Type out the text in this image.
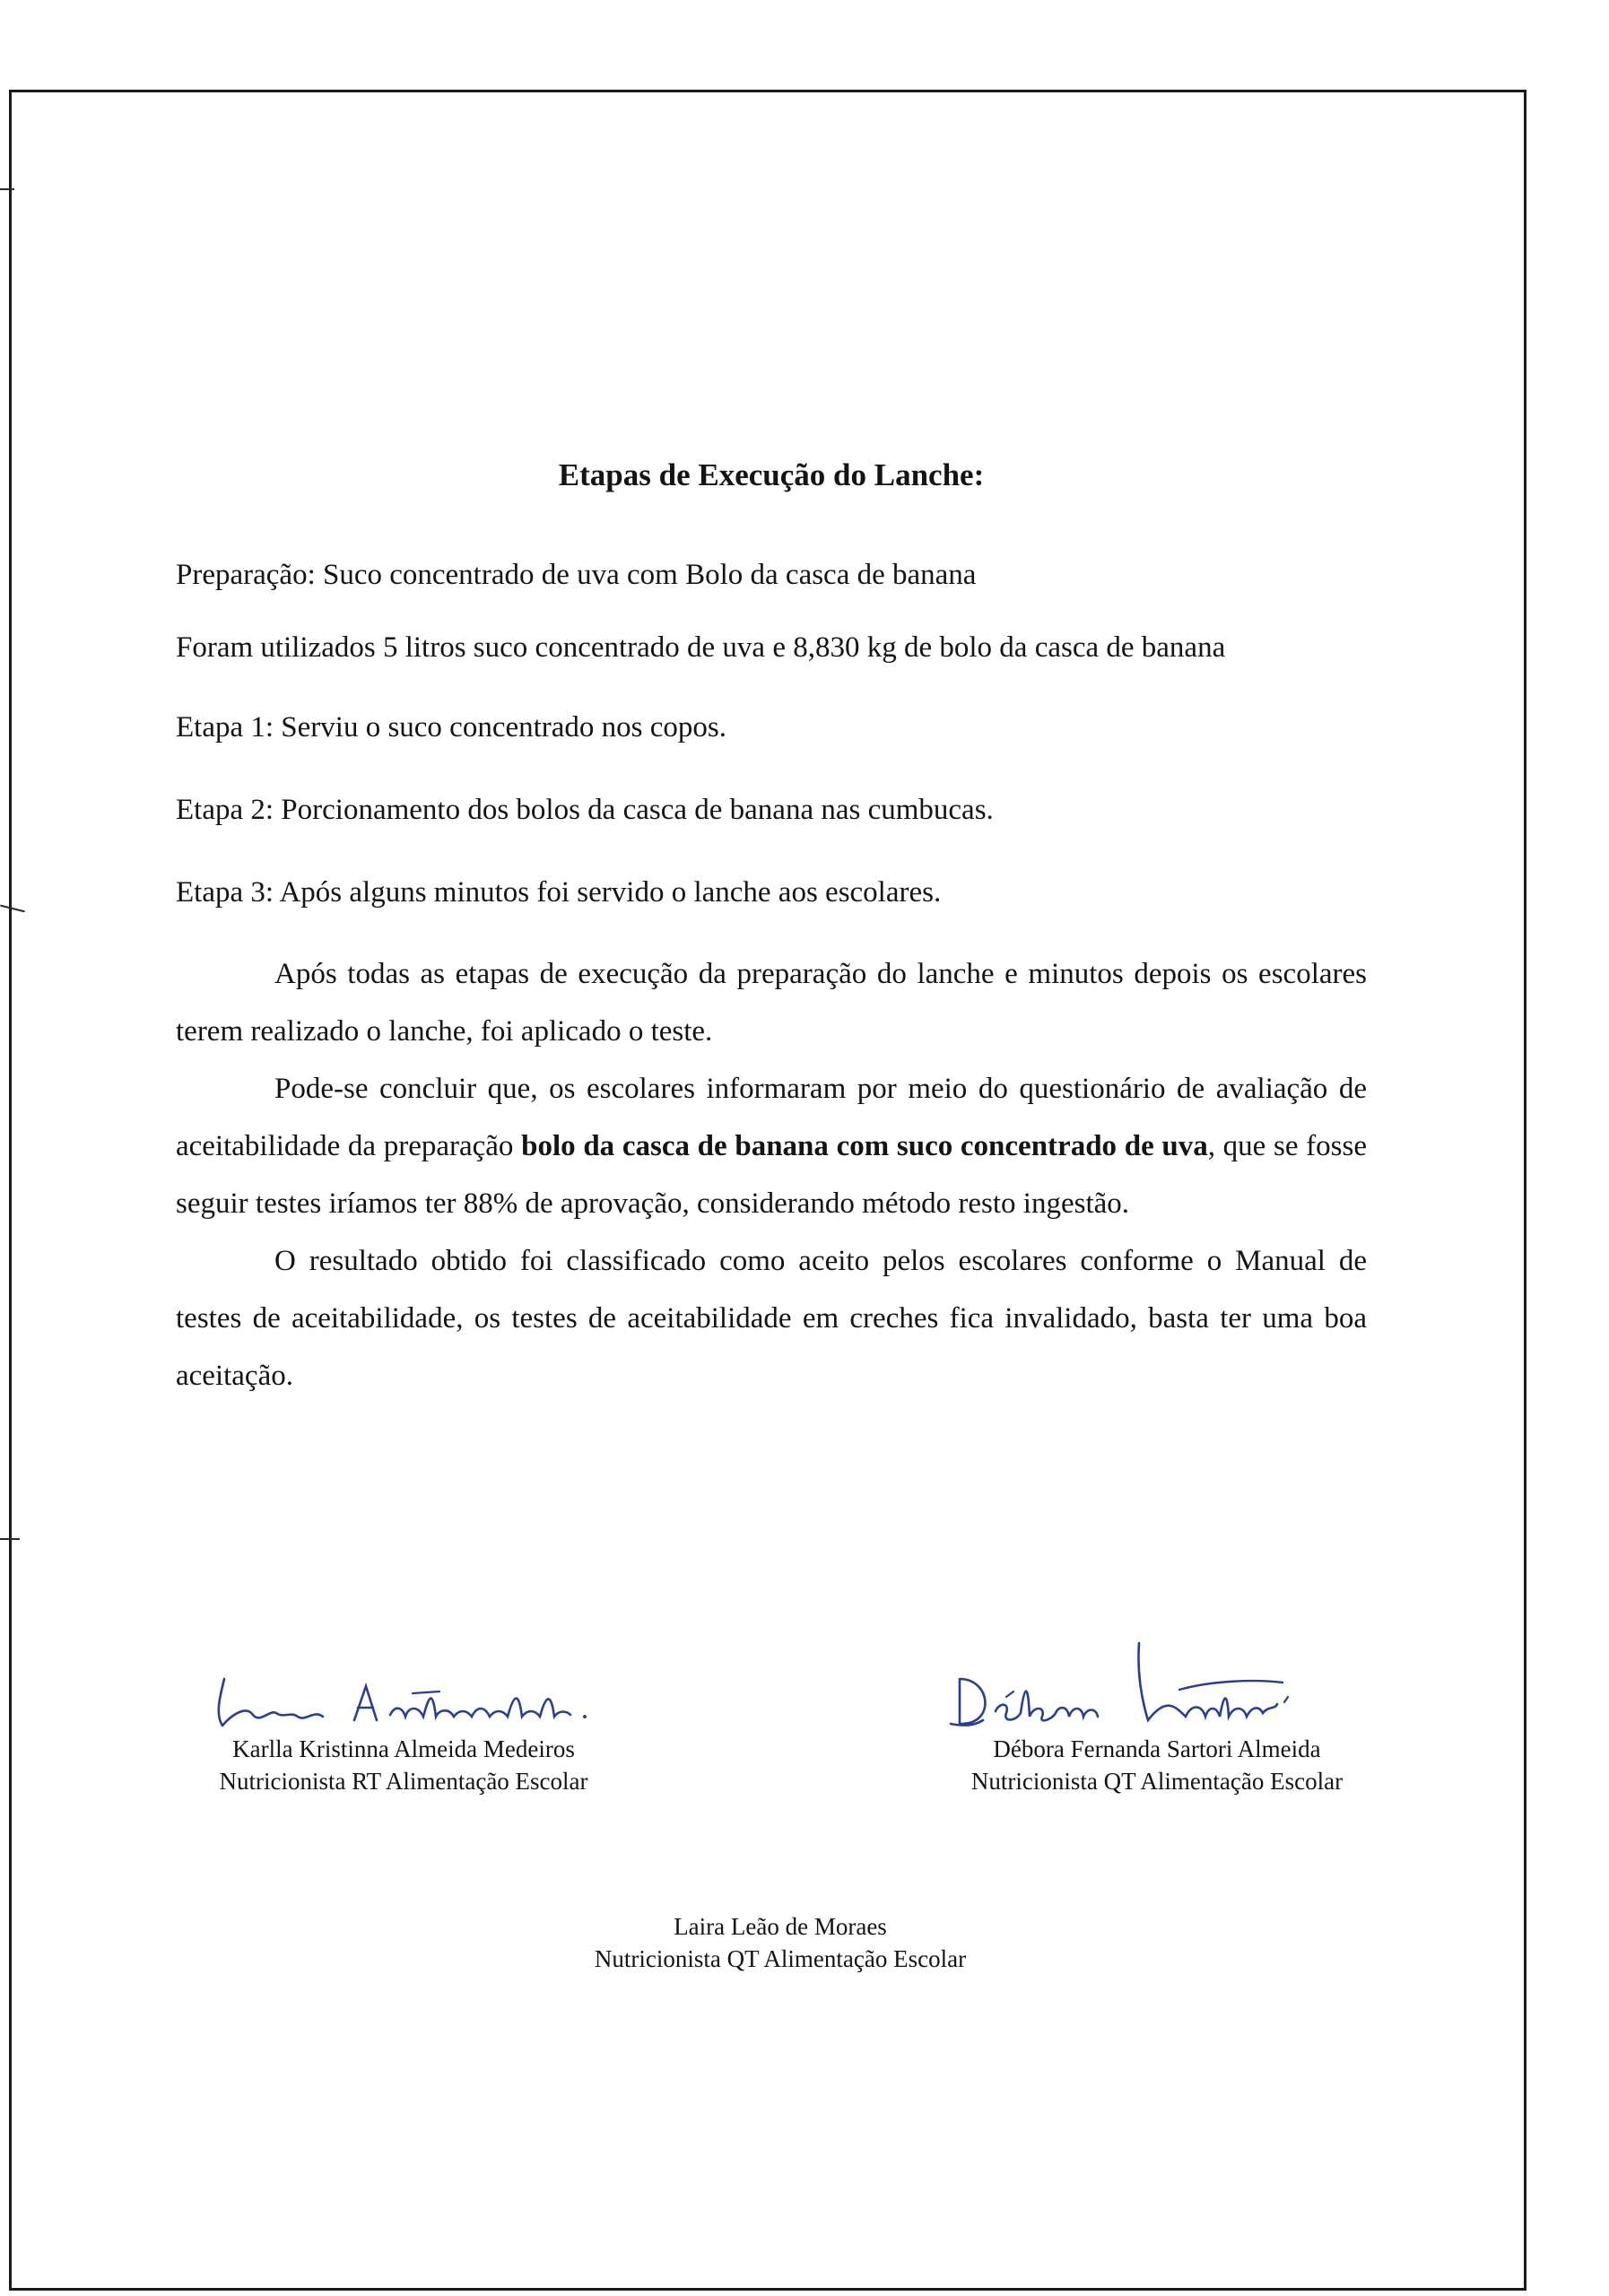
Etapas de Execução do Lanche:

Preparação: Suco concentrado de uva com Bolo da casca de banana

Foram utilizados 5 litros suco concentrado de uva e 8,830 kg de bolo da casca de banana

Etapa 1: Serviu o suco concentrado nos copos.

Etapa 2: Porcionamento dos bolos da casca de banana nas cumbucas.

Etapa 3: Após alguns minutos foi servido o lanche aos escolares.

Após todas as etapas de execução da preparação do lanche e minutos depois os escolares terem realizado o lanche, foi aplicado o teste.

Pode-se concluir que, os escolares informaram por meio do questionário de avaliação de aceitabilidade da preparação bolo da casca de banana com suco concentrado de uva, que se fosse seguir testes iríamos ter 88% de aprovação, considerando método resto ingestão.

O resultado obtido foi classificado como aceito pelos escolares conforme o Manual de testes de aceitabilidade, os testes de aceitabilidade em creches fica invalidado, basta ter uma boa aceitação.

Karlla Kristinna Almeida Medeiros
Nutricionista RT Alimentação Escolar
Débora Fernanda Sartori Almeida
Nutricionista QT Alimentação Escolar
Laira Leão de Moraes
Nutricionista QT Alimentação Escolar
